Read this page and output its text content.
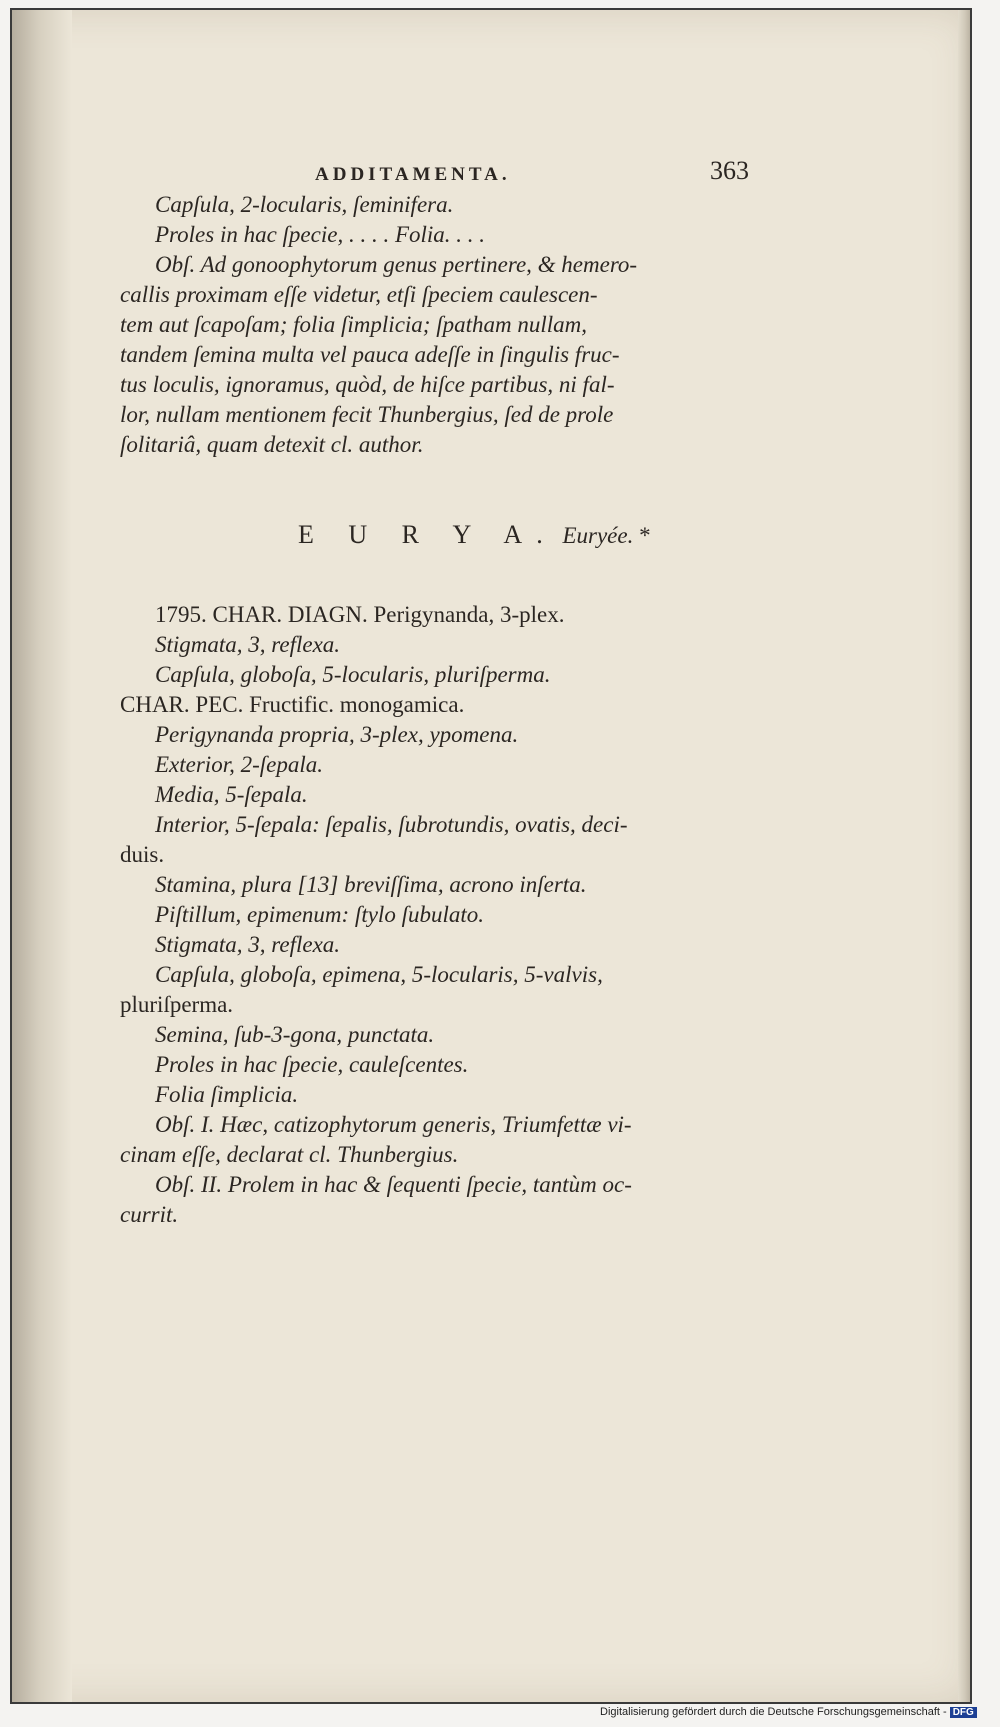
ADDITAMENTA.	363
Capſula, 2-locularis, ſeminifera.
Proles in hac ſpecie, . . . . Folia. . . .
Obſ. Ad gonoophytorum genus pertinere, & hemero-
callis proximam eſſe videtur, etſi ſpeciem caulescen-
tem aut ſcapoſam; folia ſimplicia; ſpatham nullam,
tandem ſemina multa vel pauca adeſſe in ſingulis fruc-
tus loculis, ignoramus, quòd, de hiſce partibus, ni fal-
lor, nullam mentionem fecit Thunbergius, ſed de prole
ſolitariâ, quam detexit cl. author.
E U R Y A. Euryée. *
1795. CHAR. DIAGN. Perigynanda, 3-plex.
Stigmata, 3, reflexa.
Capſula, globoſa, 5-locularis, pluriſperma.
CHAR. PEC. Fructific. monogamica.
Perigynanda propria, 3-plex, ypomena.
Exterior, 2-ſepala.
Media, 5-ſepala.
Interior, 5-ſepala: ſepalis, ſubrotundis, ovatis, deci-
duis.
Stamina, plura [13] breviſſima, acrono inſerta.
Piſtillum, epimenum: ſtylo ſubulato.
Stigmata, 3, reflexa.
Capſula, globoſa, epimena, 5-locularis, 5-valvis,
pluriſperma.
Semina, ſub-3-gona, punctata.
Proles in hac ſpecie, cauleſcentes.
Folia ſimplicia.
Obſ. I. Hæc, catizophytorum generis, Triumfettæ vi-
cinam eſſe, declarat cl. Thunbergius.
Obſ. II. Prolem in hac & ſequenti ſpecie, tantùm oc-
currit.
Digitalisierung gefördert durch die Deutsche Forschungsgemeinschaft - DFG
